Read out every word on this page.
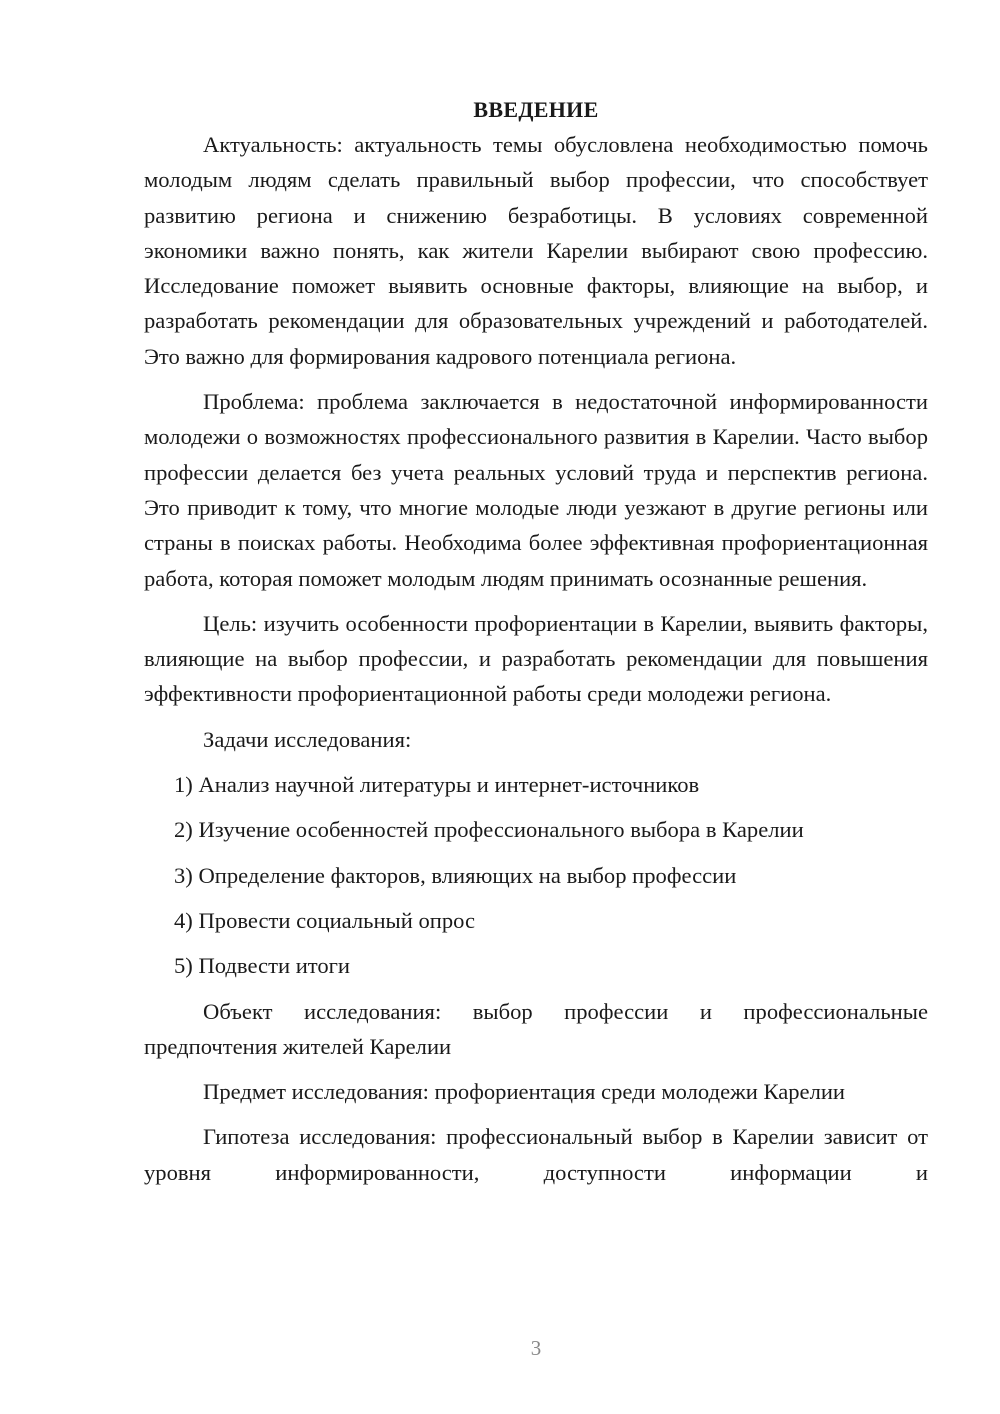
ВВЕДЕНИЕ

Актуальность: актуальность темы обусловлена необходимостью помочь молодым людям сделать правильный выбор профессии, что способствует развитию региона и снижению безработицы. В условиях современной экономики важно понять, как жители Карелии выбирают свою профессию. Исследование поможет выявить основные факторы, влияющие на выбор, и разработать рекомендации для образовательных учреждений и работодателей. Это важно для формирования кадрового потенциала региона.

Проблема: проблема заключается в недостаточной информированности молодежи о возможностях профессионального развития в Карелии. Часто выбор профессии делается без учета реальных условий труда и перспектив региона. Это приводит к тому, что многие молодые люди уезжают в другие регионы или страны в поисках работы. Необходима более эффективная профориентационная работа, которая поможет молодым людям принимать осознанные решения.

Цель: изучить особенности профориентации в Карелии, выявить факторы, влияющие на выбор профессии, и разработать рекомендации для повышения эффективности профориентационной работы среди молодежи региона.

Задачи исследования:

1) Анализ научной литературы и интернет-источников
2) Изучение особенностей профессионального выбора в Карелии
3) Определение факторов, влияющих на выбор профессии
4) Провести социальный опрос
5) Подвести итоги

Объект исследования: выбор профессии и профессиональные предпочтения жителей Карелии

Предмет исследования: профориентация среди молодежи Карелии

Гипотеза исследования: профессиональный выбор в Карелии зависит от уровня информированности, доступности информации и

3
